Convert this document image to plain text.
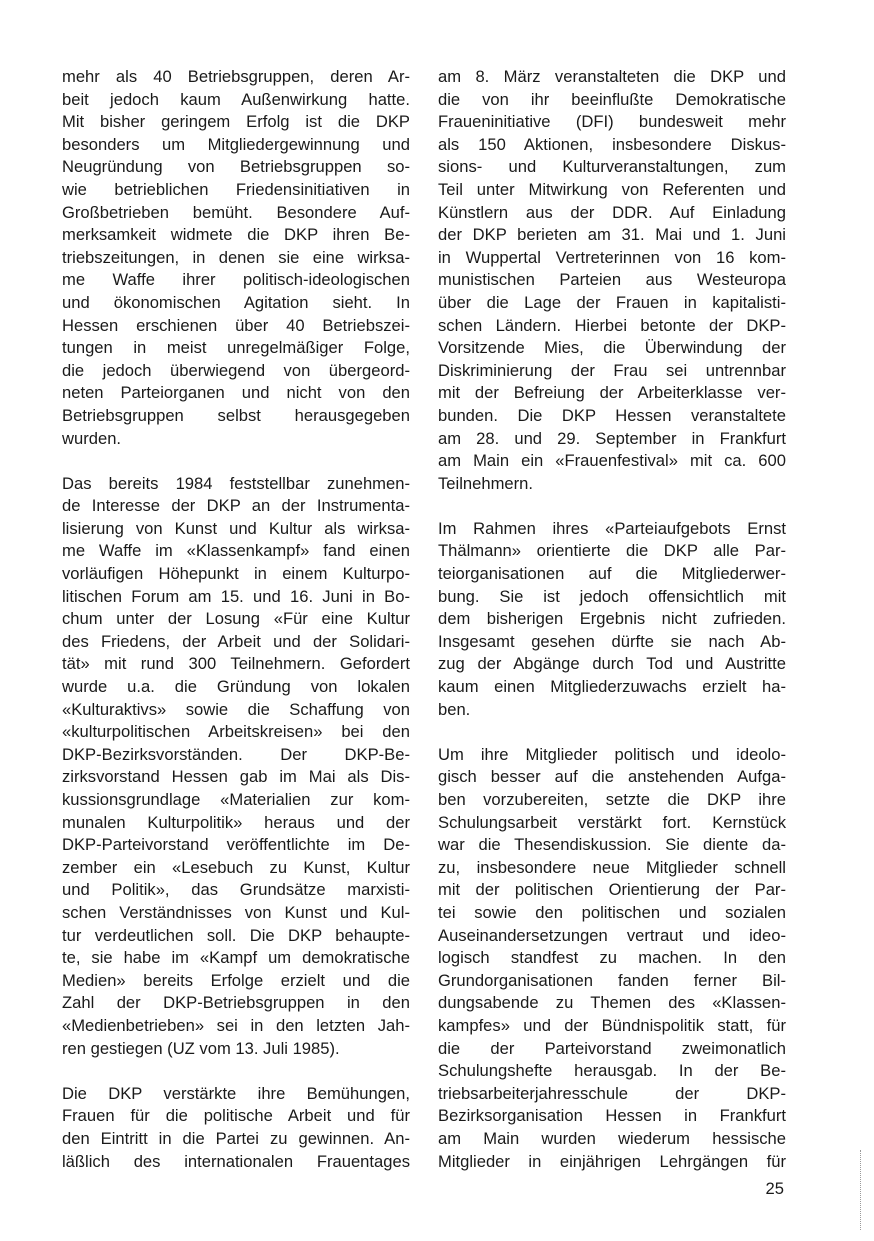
mehr als 40 Betriebsgruppen, deren Ar-
beit jedoch kaum Außenwirkung hatte.
Mit bisher geringem Erfolg ist die DKP
besonders um Mitgliedergewinnung und
Neugründung von Betriebsgruppen so-
wie betrieblichen Friedensinitiativen in
Großbetrieben bemüht. Besondere Auf-
merksamkeit widmete die DKP ihren Be-
triebszeitungen, in denen sie eine wirksa-
me Waffe ihrer politisch-ideologischen
und ökonomischen Agitation sieht. In
Hessen erschienen über 40 Betriebszei-
tungen in meist unregelmäßiger Folge,
die jedoch überwiegend von übergeord-
neten Parteiorganen und nicht von den
Betriebsgruppen selbst herausgegeben
wurden.
Das bereits 1984 feststellbar zunehmen-
de Interesse der DKP an der Instrumenta-
lisierung von Kunst und Kultur als wirksa-
me Waffe im «Klassenkampf» fand einen
vorläufigen Höhepunkt in einem Kulturpo-
litischen Forum am 15. und 16. Juni in Bo-
chum unter der Losung «Für eine Kultur
des Friedens, der Arbeit und der Solidari-
tät» mit rund 300 Teilnehmern. Gefordert
wurde u.a. die Gründung von lokalen
«Kulturaktivs» sowie die Schaffung von
«kulturpolitischen Arbeitskreisen» bei den
DKP-Bezirksvorständen. Der DKP-Be-
zirksvorstand Hessen gab im Mai als Dis-
kussionsgrundlage «Materialien zur kom-
munalen Kulturpolitik» heraus und der
DKP-Parteivorstand veröffentlichte im De-
zember ein «Lesebuch zu Kunst, Kultur
und Politik», das Grundsätze marxisti-
schen Verständnisses von Kunst und Kul-
tur verdeutlichen soll. Die DKP behaupte-
te, sie habe im «Kampf um demokratische
Medien» bereits Erfolge erzielt und die
Zahl der DKP-Betriebsgruppen in den
«Medienbetrieben» sei in den letzten Jah-
ren gestiegen (UZ vom 13. Juli 1985).
Die DKP verstärkte ihre Bemühungen,
Frauen für die politische Arbeit und für
den Eintritt in die Partei zu gewinnen. An-
läßlich des internationalen Frauentages
am 8. März veranstalteten die DKP und
die von ihr beeinflußte Demokratische
Fraueninitiative (DFI) bundesweit mehr
als 150 Aktionen, insbesondere Diskus-
sions- und Kulturveranstaltungen, zum
Teil unter Mitwirkung von Referenten und
Künstlern aus der DDR. Auf Einladung
der DKP berieten am 31. Mai und 1. Juni
in Wuppertal Vertreterinnen von 16 kom-
munistischen Parteien aus Westeuropa
über die Lage der Frauen in kapitalisti-
schen Ländern. Hierbei betonte der DKP-
Vorsitzende Mies, die Überwindung der
Diskriminierung der Frau sei untrennbar
mit der Befreiung der Arbeiterklasse ver-
bunden. Die DKP Hessen veranstaltete
am 28. und 29. September in Frankfurt
am Main ein «Frauenfestival» mit ca. 600
Teilnehmern.
Im Rahmen ihres «Parteiaufgebots Ernst
Thälmann» orientierte die DKP alle Par-
teiorganisationen auf die Mitgliederwer-
bung. Sie ist jedoch offensichtlich mit
dem bisherigen Ergebnis nicht zufrieden.
Insgesamt gesehen dürfte sie nach Ab-
zug der Abgänge durch Tod und Austritte
kaum einen Mitgliederzuwachs erzielt ha-
ben.
Um ihre Mitglieder politisch und ideolo-
gisch besser auf die anstehenden Aufga-
ben vorzubereiten, setzte die DKP ihre
Schulungsarbeit verstärkt fort. Kernstück
war die Thesendiskussion. Sie diente da-
zu, insbesondere neue Mitglieder schnell
mit der politischen Orientierung der Par-
tei sowie den politischen und sozialen
Auseinandersetzungen vertraut und ideo-
logisch standfest zu machen. In den
Grundorganisationen fanden ferner Bil-
dungsabende zu Themen des «Klassen-
kampfes» und der Bündnispolitik statt, für
die der Parteivorstand zweimonatlich
Schulungshefte herausgab. In der Be-
triebsarbeiterjahresschule der DKP-
Bezirksorganisation Hessen in Frankfurt
am Main wurden wiederum hessische
Mitglieder in einjährigen Lehrgängen für
25
